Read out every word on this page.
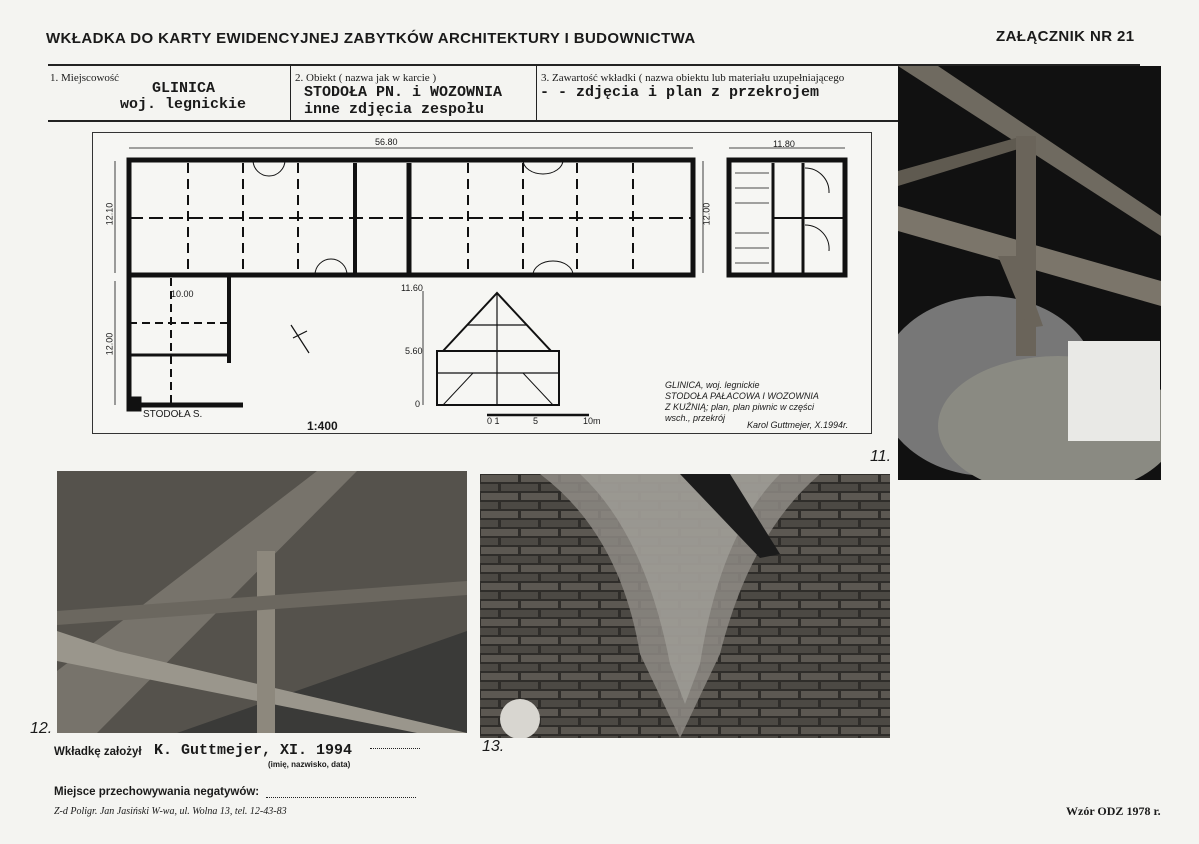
WKŁADKA DO KARTY EWIDENCYJNEJ ZABYTKÓW ARCHITEKTURY I BUDOWNICTWA	ZAŁĄCZNIK NR 21
1. Miejscowość
GLINICA
woj. legnickie
2. Obiekt ( nazwa jak w karcie )
STODOŁA PN. i WOZOWNIA
inne zdjęcia zespołu
3. Zawartość wkładki ( nazwa obiektu lub materiału uzupełniającego
- - zdjęcia i plan z przekrojem
56.80	11.80
12.10
12.00
12.00
10.00
11.60
5.60
0
0 1	5	10m
STODOŁA S.
1:400
GLINICA, woj. legnickie
STODOŁA PAŁACOWA I WOZOWNIA
Z KUŹNIĄ; plan, plan piwnic w części
wsch., przekrój
Karol Guttmejer, X.1994r.
11.
12.
13.
Wkładkę założył K. Guttmejer, XI. 1994
(imię, nazwisko, data)
Miejsce przechowywania negatywów:
Z-d Poligr. Jan Jasiński W-wa, ul. Wolna 13, tel. 12-43-83	Wzór ODZ 1978 r.
